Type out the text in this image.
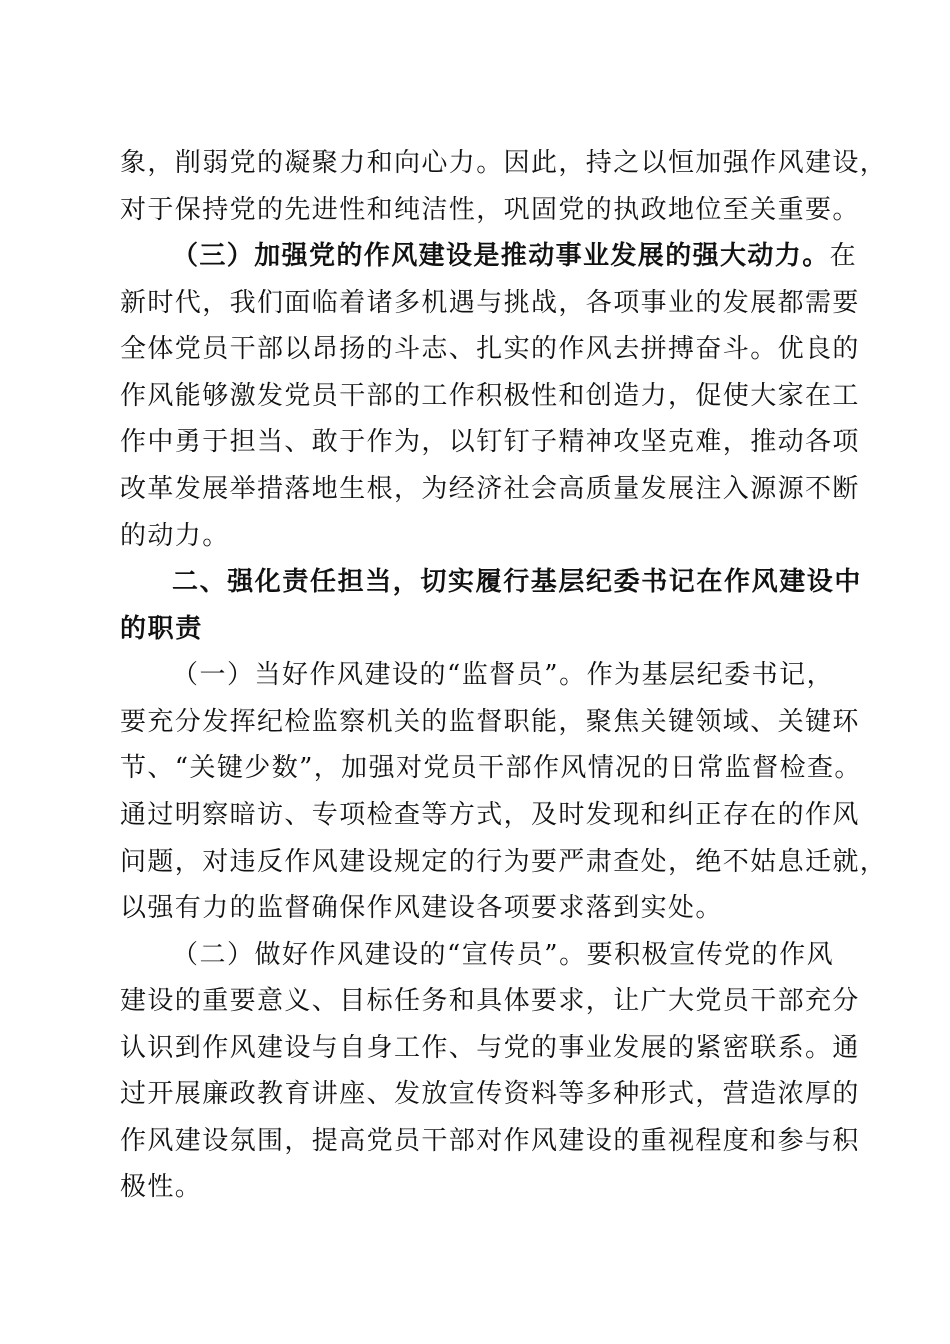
象，削弱党的凝聚力和向心力。因此，持之以恒加强作风建设，
对于保持党的先进性和纯洁性，巩固党的执政地位至关重要。
（三）加强党的作风建设是推动事业发展的强大动力。在
新时代，我们面临着诸多机遇与挑战，各项事业的发展都需要
全体党员干部以昂扬的斗志、扎实的作风去拼搏奋斗。优良的
作风能够激发党员干部的工作积极性和创造力，促使大家在工
作中勇于担当、敢于作为，以钉钉子精神攻坚克难，推动各项
改革发展举措落地生根，为经济社会高质量发展注入源源不断
的动力。
二、强化责任担当，切实履行基层纪委书记在作风建设中
的职责
（一）当好作风建设的“监督员”。作为基层纪委书记，
要充分发挥纪检监察机关的监督职能，聚焦关键领域、关键环
节、“关键少数”，加强对党员干部作风情况的日常监督检查。
通过明察暗访、专项检查等方式，及时发现和纠正存在的作风
问题，对违反作风建设规定的行为要严肃查处，绝不姑息迁就，
以强有力的监督确保作风建设各项要求落到实处。
（二）做好作风建设的“宣传员”。要积极宣传党的作风
建设的重要意义、目标任务和具体要求，让广大党员干部充分
认识到作风建设与自身工作、与党的事业发展的紧密联系。通
过开展廉政教育讲座、发放宣传资料等多种形式，营造浓厚的
作风建设氛围，提高党员干部对作风建设的重视程度和参与积
极性。
